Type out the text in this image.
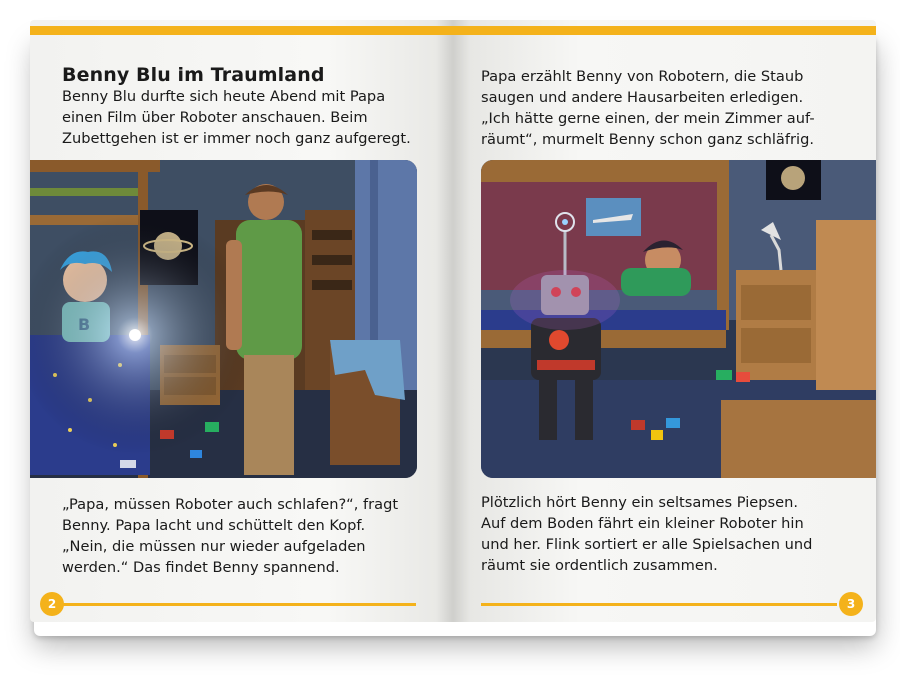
Benny Blu im Traumland
Benny Blu durfte sich heute Abend mit Papa
einen Film über Roboter anschauen. Beim
Zubettgehen ist er immer noch ganz aufgeregt.
„Papa, müssen Roboter auch schlafen?“, fragt
Benny. Papa lacht und schüttelt den Kopf.
„Nein, die müssen nur wieder aufgeladen
werden.“ Das findet Benny spannend.
2
Papa erzählt Benny von Robotern, die Staub
saugen und andere Hausarbeiten erledigen.
„Ich hätte gerne einen, der mein Zimmer auf-
räumt“, murmelt Benny schon ganz schläfrig.
Plötzlich hört Benny ein seltsames Piepsen.
Auf dem Boden fährt ein kleiner Roboter hin
und her. Flink sortiert er alle Spielsachen und
räumt sie ordentlich zusammen.
3
